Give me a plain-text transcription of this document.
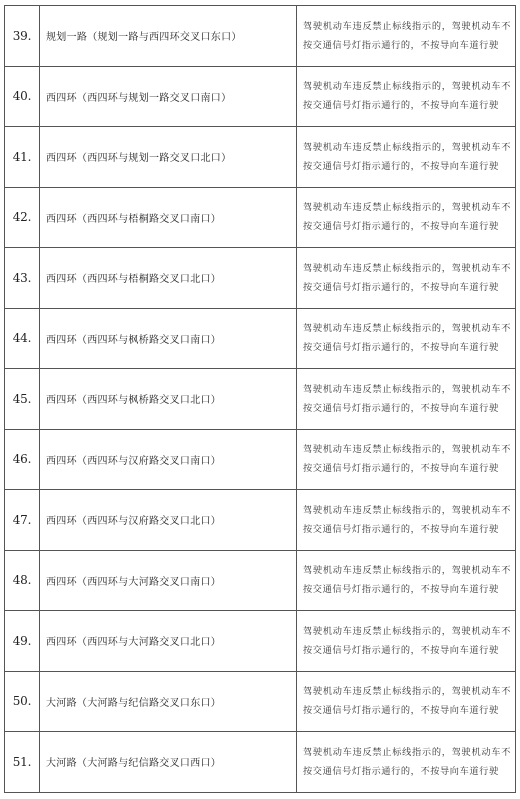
39.	规划一路（规划一路与西四环交叉口东口）	驾驶机动车违反禁止标线指示的，驾驶机动车不按交通信号灯指示通行的，不按导向车道行驶
40.	西四环（西四环与规划一路交叉口南口）	驾驶机动车违反禁止标线指示的，驾驶机动车不按交通信号灯指示通行的，不按导向车道行驶
41.	西四环（西四环与规划一路交叉口北口）	驾驶机动车违反禁止标线指示的，驾驶机动车不按交通信号灯指示通行的，不按导向车道行驶
42.	西四环（西四环与梧桐路交叉口南口）	驾驶机动车违反禁止标线指示的，驾驶机动车不按交通信号灯指示通行的，不按导向车道行驶
43.	西四环（西四环与梧桐路交叉口北口）	驾驶机动车违反禁止标线指示的，驾驶机动车不按交通信号灯指示通行的，不按导向车道行驶
44.	西四环（西四环与枫桥路交叉口南口）	驾驶机动车违反禁止标线指示的，驾驶机动车不按交通信号灯指示通行的，不按导向车道行驶
45.	西四环（西四环与枫桥路交叉口北口）	驾驶机动车违反禁止标线指示的，驾驶机动车不按交通信号灯指示通行的，不按导向车道行驶
46.	西四环（西四环与汉府路交叉口南口）	驾驶机动车违反禁止标线指示的，驾驶机动车不按交通信号灯指示通行的，不按导向车道行驶
47.	西四环（西四环与汉府路交叉口北口）	驾驶机动车违反禁止标线指示的，驾驶机动车不按交通信号灯指示通行的，不按导向车道行驶
48.	西四环（西四环与大河路交叉口南口）	驾驶机动车违反禁止标线指示的，驾驶机动车不按交通信号灯指示通行的，不按导向车道行驶
49.	西四环（西四环与大河路交叉口北口）	驾驶机动车违反禁止标线指示的，驾驶机动车不按交通信号灯指示通行的，不按导向车道行驶
50.	大河路（大河路与纪信路交叉口东口）	驾驶机动车违反禁止标线指示的，驾驶机动车不按交通信号灯指示通行的，不按导向车道行驶
51.	大河路（大河路与纪信路交叉口西口）	驾驶机动车违反禁止标线指示的，驾驶机动车不按交通信号灯指示通行的，不按导向车道行驶
